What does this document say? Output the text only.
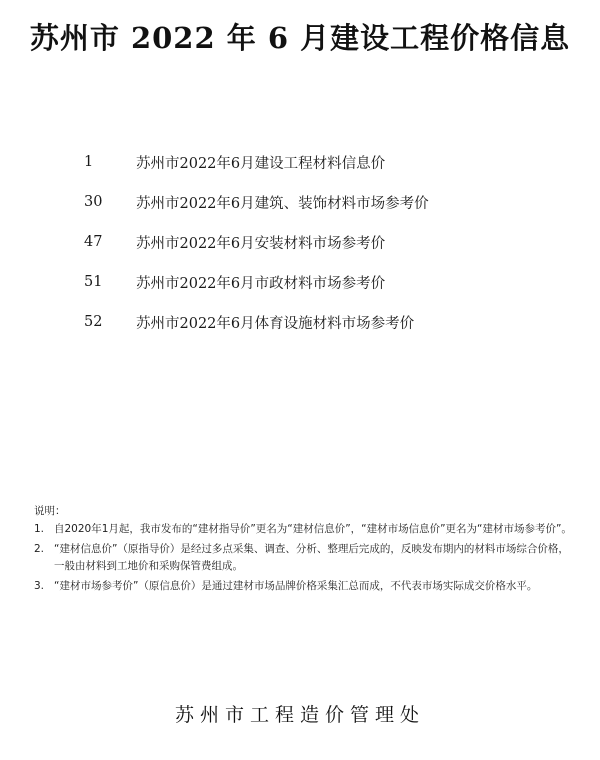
苏州市 2022 年 6 月建设工程价格信息
1	苏州市2022年6月建设工程材料信息价
30	苏州市2022年6月建筑、装饰材料市场参考价
47	苏州市2022年6月安装材料市场参考价
51	苏州市2022年6月市政材料市场参考价
52	苏州市2022年6月体育设施材料市场参考价
说明：
1. 自2020年1月起，我市发布的“建材指导价”更名为“建材信息价”，“建材市场信息价”更名为“建材市场参考价”。
2. “建材信息价”（原指导价）是经过多点采集、调查、分析、整理后完成的，反映发布期内的材料市场综合价格，一般由材料到工地价和采购保管费组成。
3. “建材市场参考价”（原信息价）是通过建材市场品牌价格采集汇总而成，不代表市场实际成交价格水平。
苏州市工程造价管理处
